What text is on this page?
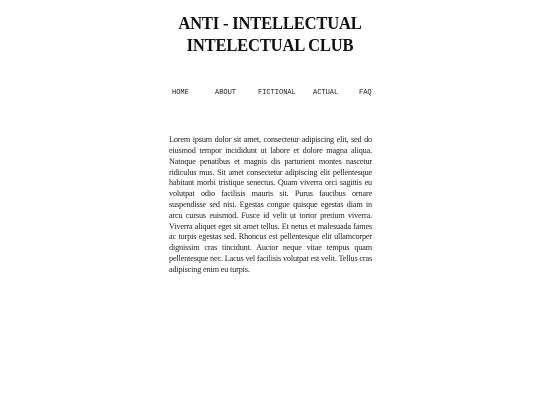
ANTI - INTELLECTUAL
INTELECTUAL CLUB
HOME	ABOUT	FICTIONAL ACTUAL	FAQ

Lorem ipsum dolor sit amet, consectetur adipiscing elit, sed do eiusmod tempor incididunt ut labore et dolore magna aliqua. Natoque penatibus et magnis dis parturient montes nascetur ridiculus mus. Sit amet consectetur adipiscing elit pellentesque habitant morbi tristique senectus. Quam viverra orci sagittis eu volutpat odio facilisis mauris sit. Purus faucibus ornare suspendisse sed nisi. Egestas congue quisque egestas diam in arcu cursus euismod. Fusce id velit ut tortor pretium viverra. Viverra aliquet eget sit amet tellus. Et netus et malesuada fames ac turpis egestas sed. Rhoncus est pellentesque elit ullamcorper dignissim cras tincidunt. Auctor neque vitae tempus quam pellentesque nec. Lacus vel facilisis volutpat est velit. Tellus cras adipiscing enim eu turpis.
